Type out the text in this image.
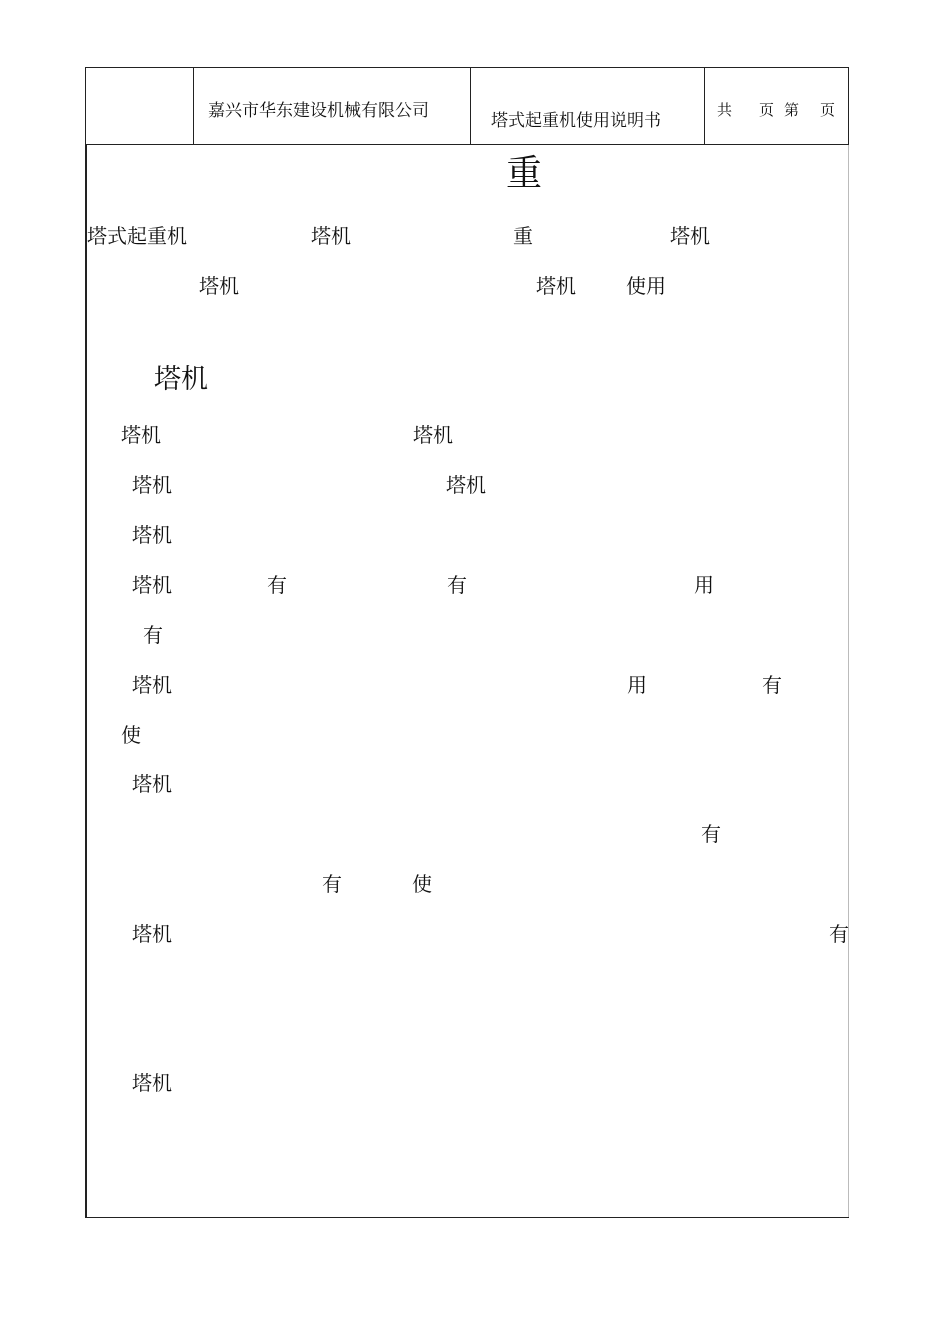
嘉兴市华东建设机械有限公司	塔式起重机使用说明书
共 页 第 页
重
塔式起重机	塔机	重	塔机
塔机	塔机	使用
塔机
塔机	塔机
塔机	塔机
塔机
塔机	有	有	用
有
塔机	用	有
使
塔机
有
有	使
塔机	有
塔机
